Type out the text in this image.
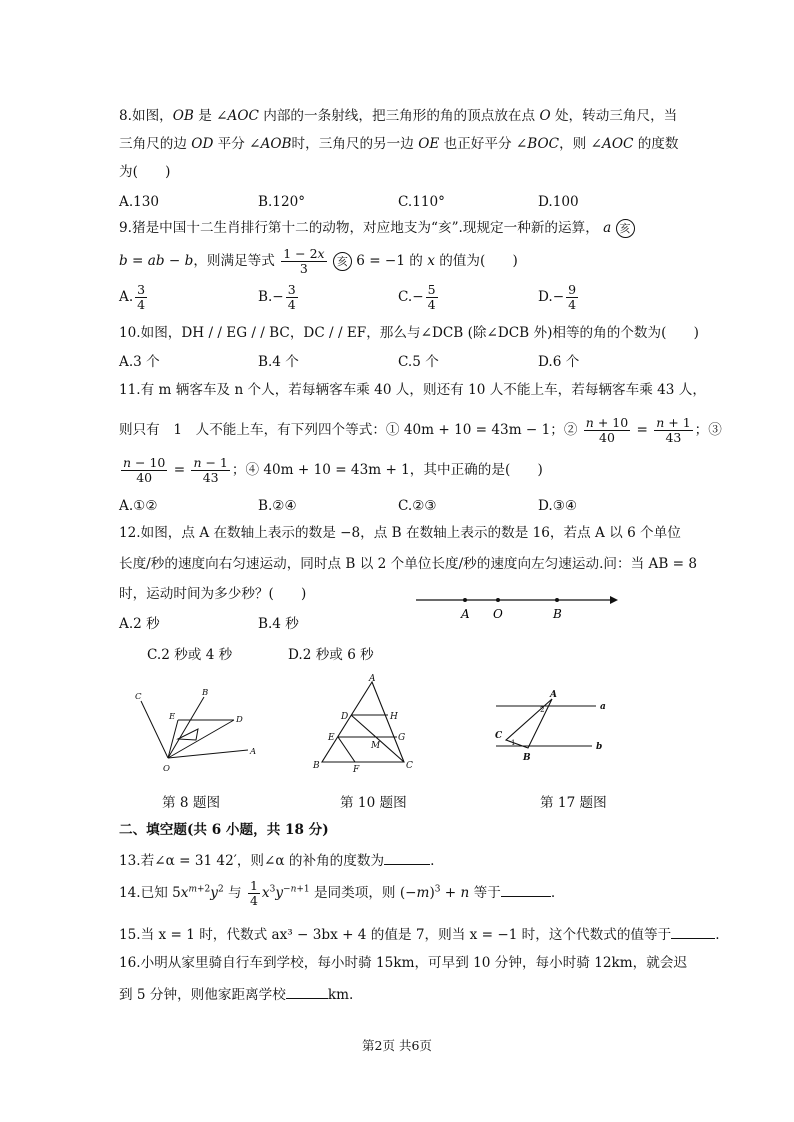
8.如图，OB 是 ∠AOC 内部的一条射线，把三角形的角的顶点放在点 O 处，转动三角尺，当
三角尺的边 OD 平分 ∠AOB时，三角尺的另一边 OE 也正好平分 ∠BOC，则 ∠AOC 的度数
为(　　)
A.130	B.120°	C.110°	D.100
9.猪是中国十二生肖排行第十二的动物，对应地支为“亥”.现规定一种新的运算， a 亥
b = ab − b，则满足等式 $\frac{1 - 2x}{3}$ 亥 6 = −1 的 x 的值为(　　)
A. $\frac{3}{4}$	$B.- \frac{3}{4}$	$C.- \frac{5}{4}$	$D.- \frac{9}{4}$
10.如图，DH / / EG / / BC，DC / / EF，那么与∠DCB (除∠DCB 外)相等的角的个数为(　　)
A.3 个	B.4 个	C.5 个	D.6 个
11.有 m 辆客车及 n 个人，若每辆客车乘 40 人，则还有 10 人不能上车，若每辆客车乘 43 人，
则只有　1　人不能上车，有下列四个等式：① 40m + 10 = 43m − 1；② $\frac{n + 10}{40} = \frac{n + 1}{43}$ ；③
$\frac{n - 10}{40} = \frac{n - 1}{43}$ ；④ 40m + 10 = 43m + 1，其中正确的是(　　)
A.①②	B.②④	C.②③	D.③④
12.如图，点 A 在数轴上表示的数是 −8，点 B 在数轴上表示的数是 16，若点 A 以 6 个单位
长度/秒的速度向右匀速运动，同时点 B 以 2 个单位长度/秒的速度向左匀速运动.问：当 AB = 8
时，运动时间为多少秒？(　　)
A O	B
A.2 秒	B.4 秒
C.2 秒或 4 秒	D.2 秒或 6 秒
C	B
E	D
O
A
A
D	H
E	G
M
B	F	C
A
2	a
C
1	b
B
第 8 题图	第 10 题图	第 17 题图
二、填空题(共 6 小题，共 18 分)
13.若∠α = 31 42′，则∠α 的补角的度数为	.
14.已知 $5x^{m+2}y^2$ 与 $\frac{1}{4} x^3y^{-n+1}$ 是同类项，则 $(-m)^3 + n$ 等于	.
15.当 x = 1 时，代数式 ax³ − 3bx + 4 的值是 7，则当 x = −1 时，这个代数式的值等于	.
16.小明从家里骑自行车到学校，每小时骑 15km，可早到 10 分钟，每小时骑 12km，就会迟
到 5 分钟，则他家距离学校	km.
第2页 共6页
